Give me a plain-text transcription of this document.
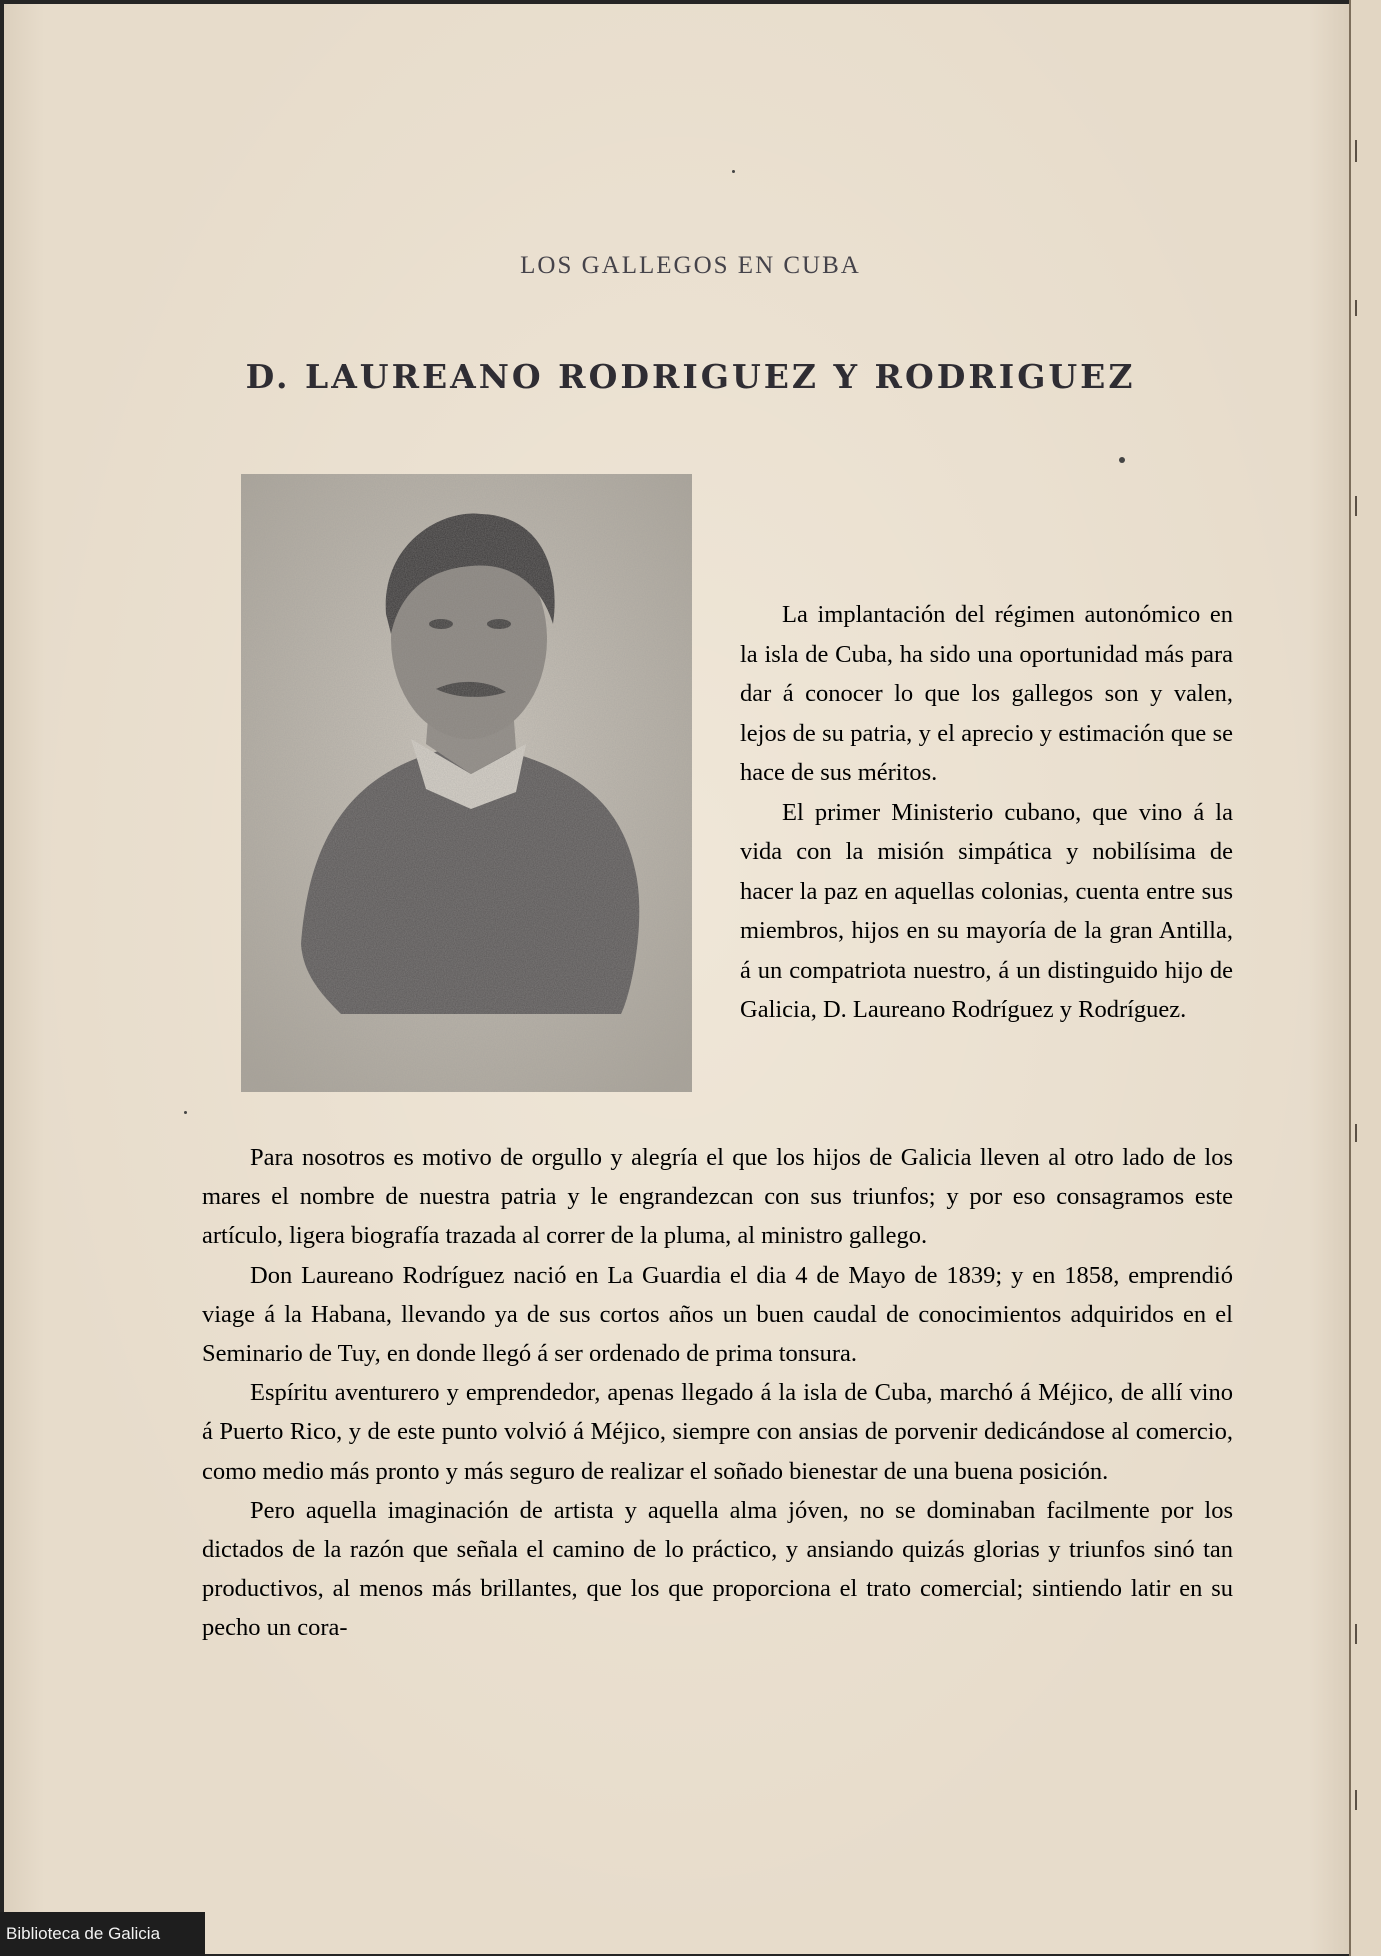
LOS GALLEGOS EN CUBA
D. LAUREANO RODRIGUEZ Y RODRIGUEZ

La implantación del régimen autonómico en la isla de Cuba, ha sido una oportunidad más para dar á conocer lo que los gallegos son y valen, lejos de su patria, y el aprecio y estimación que se hace de sus méritos.

El primer Ministerio cubano, que vino á la vida con la misión simpática y nobilísima de hacer la paz en aquellas colonias, cuenta entre sus miembros, hijos en su mayoría de la gran Antilla, á un compatriota nuestro, á un distinguido hijo de Galicia, D. Laureano Rodríguez y Rodríguez.

Para nosotros es motivo de orgullo y alegría el que los hijos de Galicia lleven al otro lado de los mares el nombre de nuestra patria y le engrandezcan con sus triunfos; y por eso consagramos este artículo, ligera biografía trazada al correr de la pluma, al ministro gallego.

Don Laureano Rodríguez nació en La Guardia el dia 4 de Mayo de 1839; y en 1858, emprendió viage á la Habana, llevando ya de sus cortos años un buen caudal de conocimientos adquiridos en el Seminario de Tuy, en donde llegó á ser ordenado de prima tonsura.

Espíritu aventurero y emprendedor, apenas llegado á la isla de Cuba, marchó á Méjico, de allí vino á Puerto Rico, y de este punto volvió á Méjico, siempre con ansias de porvenir dedicándose al comercio, como medio más pronto y más seguro de realizar el soñado bienestar de una buena posición.

Pero aquella imaginación de artista y aquella alma jóven, no se dominaban facilmente por los dictados de la razón que señala el camino de lo práctico, y ansiando quizás glorias y triunfos sinó tan productivos, al menos más brillantes, que los que proporciona el trato comercial; sintiendo latir en su pecho un cora-

Biblioteca de Galicia
